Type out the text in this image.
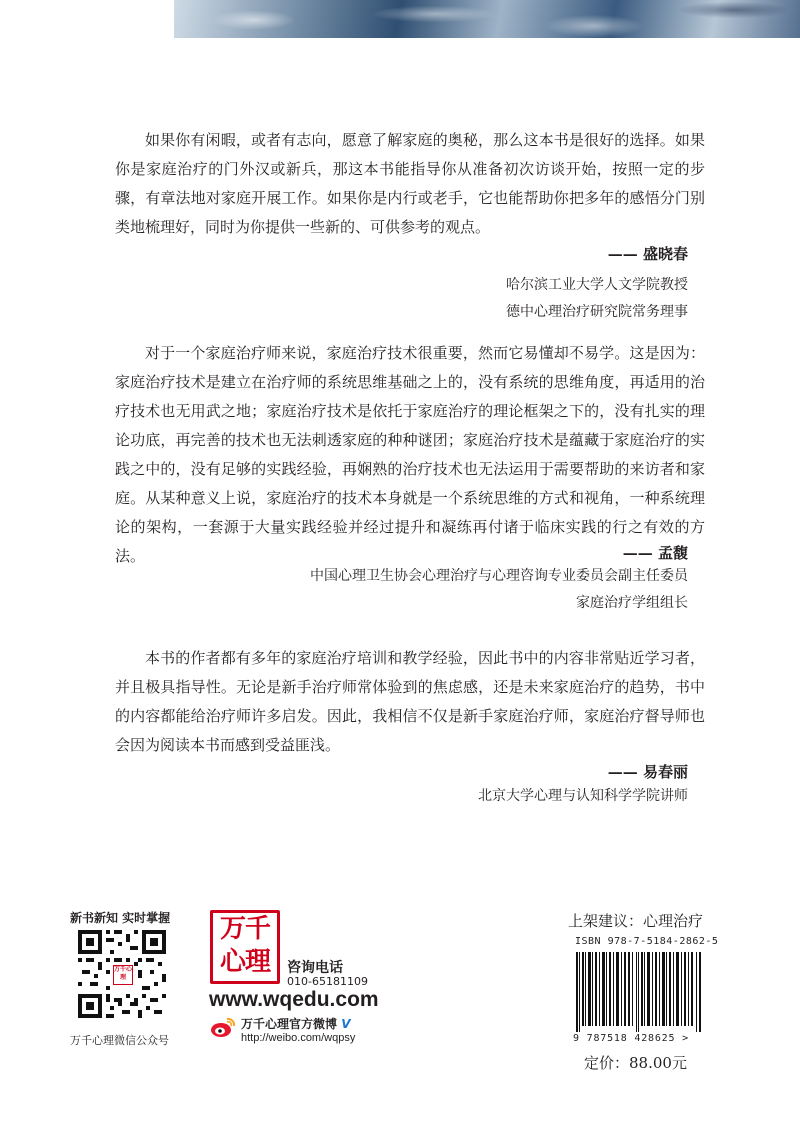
如果你有闲暇，或者有志向，愿意了解家庭的奥秘，那么这本书是很好的选择。如果你是家庭治疗的门外汉或新兵，那这本书能指导你从准备初次访谈开始，按照一定的步骤，有章法地对家庭开展工作。如果你是内行或老手，它也能帮助你把多年的感悟分门别类地梳理好，同时为你提供一些新的、可供参考的观点。

—— 盛晓春
哈尔滨工业大学人文学院教授
德中心理治疗研究院常务理事

对于一个家庭治疗师来说，家庭治疗技术很重要，然而它易懂却不易学。这是因为：家庭治疗技术是建立在治疗师的系统思维基础之上的，没有系统的思维角度，再适用的治疗技术也无用武之地；家庭治疗技术是依托于家庭治疗的理论框架之下的，没有扎实的理论功底，再完善的技术也无法刺透家庭的种种谜团；家庭治疗技术是蕴藏于家庭治疗的实践之中的，没有足够的实践经验，再娴熟的治疗技术也无法运用于需要帮助的来访者和家庭。从某种意义上说，家庭治疗的技术本身就是一个系统思维的方式和视角，一种系统理论的架构，一套源于大量实践经验并经过提升和凝练再付诸于临床实践的行之有效的方法。	—— 孟馥
中国心理卫生协会心理治疗与心理咨询专业委员会副主任委员
家庭治疗学组组长

本书的作者都有多年的家庭治疗培训和教学经验，因此书中的内容非常贴近学习者，并且极具指导性。无论是新手治疗师常体验到的焦虑感，还是未来家庭治疗的趋势，书中的内容都能给治疗师许多启发。因此，我相信不仅是新手家庭治疗师，家庭治疗督导师也会因为阅读本书而感到受益匪浅。

—— 易春丽
北京大学心理与认知科学学院讲师
新书新知 实时掌握
万千心理
万千心理微信公众号
万千
心理	咨询电话
010-65181109
www.wqedu.com
万千心理官方微博 V
http://weibo.com/wqpsy
上架建议：心理治疗
ISBN 978-7-5184-2862-5
9 787518 428625 >
定价：88.00元
